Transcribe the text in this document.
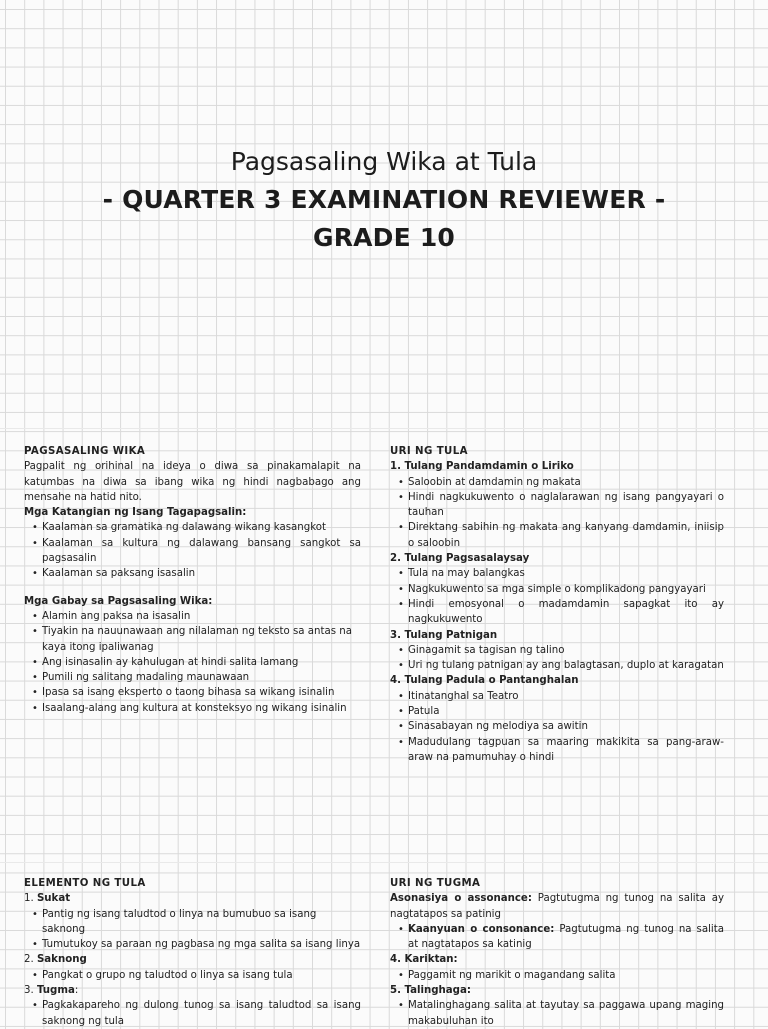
Pagsasaling Wika at Tula
- QUARTER 3 EXAMINATION REVIEWER -
GRADE 10
PAGSASALING WIKA

Pagpalit ng orihinal na ideya o diwa sa pinakamalapit na katumbas na diwa sa ibang wika ng hindi nagbabago ang mensahe na hatid nito.

Mga Katangian ng Isang Tagapagsalin:
• Kaalaman sa gramatika ng dalawang wikang kasangkot
• Kaalaman sa kultura ng dalawang bansang sangkot sa pagsasalin
• Kaalaman sa paksang isasalin
Mga Gabay sa Pagsasaling Wika:
• Alamin ang paksa na isasalin
• Tiyakin na nauunawaan ang nilalaman ng teksto sa antas na kaya itong ipaliwanag
• Ang isinasalin ay kahulugan at hindi salita lamang
• Pumili ng salitang madaling maunawaan
• Ipasa sa isang eksperto o taong bihasa sa wikang isinalin
• Isaalang-alang ang kultura at konsteksyo ng wikang isinalin
URI NG TULA
1. Tulang Pandamdamin o Liriko
• Saloobin at damdamin ng makata
• Hindi nagkukuwento o naglalarawan ng isang pangyayari o tauhan
• Direktang sabihin ng makata ang kanyang damdamin, iniisip o saloobin
2. Tulang Pagsasalaysay
• Tula na may balangkas
• Nagkukuwento sa mga simple o komplikadong pangyayari
• Hindi emosyonal o madamdamin sapagkat ito ay nagkukuwento
3. Tulang Patnigan
• Ginagamit sa tagisan ng talino
• Uri ng tulang patnigan ay ang balagtasan, duplo at karagatan
4. Tulang Padula o Pantanghalan
• Itinatanghal sa Teatro
• Patula
• Sinasabayan ng melodiya sa awitin
• Madudulang tagpuan sa maaring makikita sa pang-araw-araw na pamumuhay o hindi
ELEMENTO NG TULA
1. Sukat
• Pantig ng isang taludtod o linya na bumubuo sa isang saknong
• Tumutukoy sa paraan ng pagbasa ng mga salita sa isang linya
2. Saknong
• Pangkat o grupo ng taludtod o linya sa isang tula
3. Tugma:
• Pagkakapareho ng dulong tunog sa isang taludtod sa isang saknong ng tula
URI NG TUGMA
Asonasiya o assonance: Pagtutugma ng tunog na salita ay nagtatapos sa patinig
• Kaanyuan o consonance: Pagtutugma ng tunog na salita at nagtatapos sa katinig
4. Kariktan:
• Paggamit ng marikit o magandang salita
5. Talinghaga:
• Matalinghagang salita at tayutay sa paggawa upang maging makabuluhan ito
